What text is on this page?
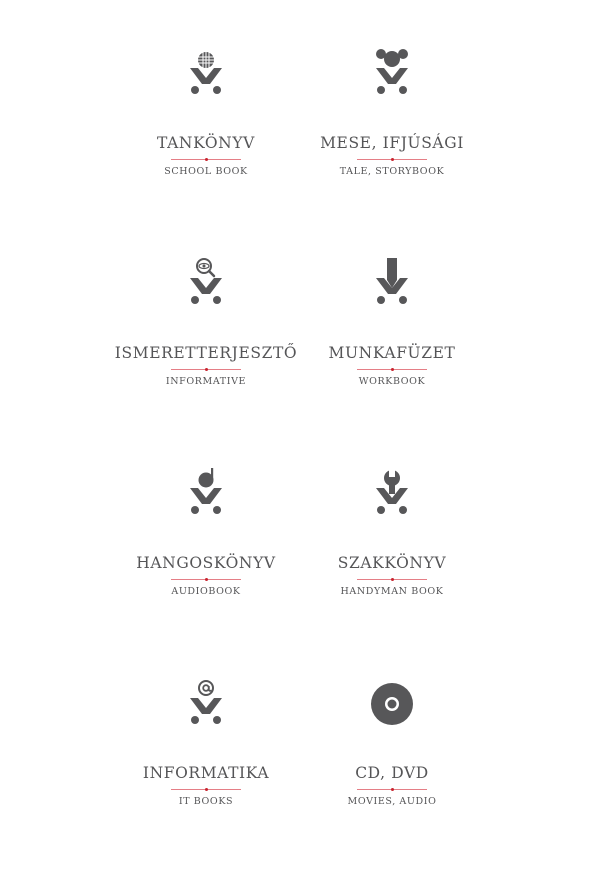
TANKÖNYV
SCHOOL BOOK
MESE, IFJÚSÁGI
TALE, STORYBOOK
ISMERETTERJESZTŐ
INFORMATIVE
MUNKAFÜZET
WORKBOOK
HANGOSKÖNYV
AUDIOBOOK
SZAKKÖNYV
HANDYMAN BOOK
INFORMATIKA
IT BOOKS
CD, DVD
MOVIES, AUDIO
